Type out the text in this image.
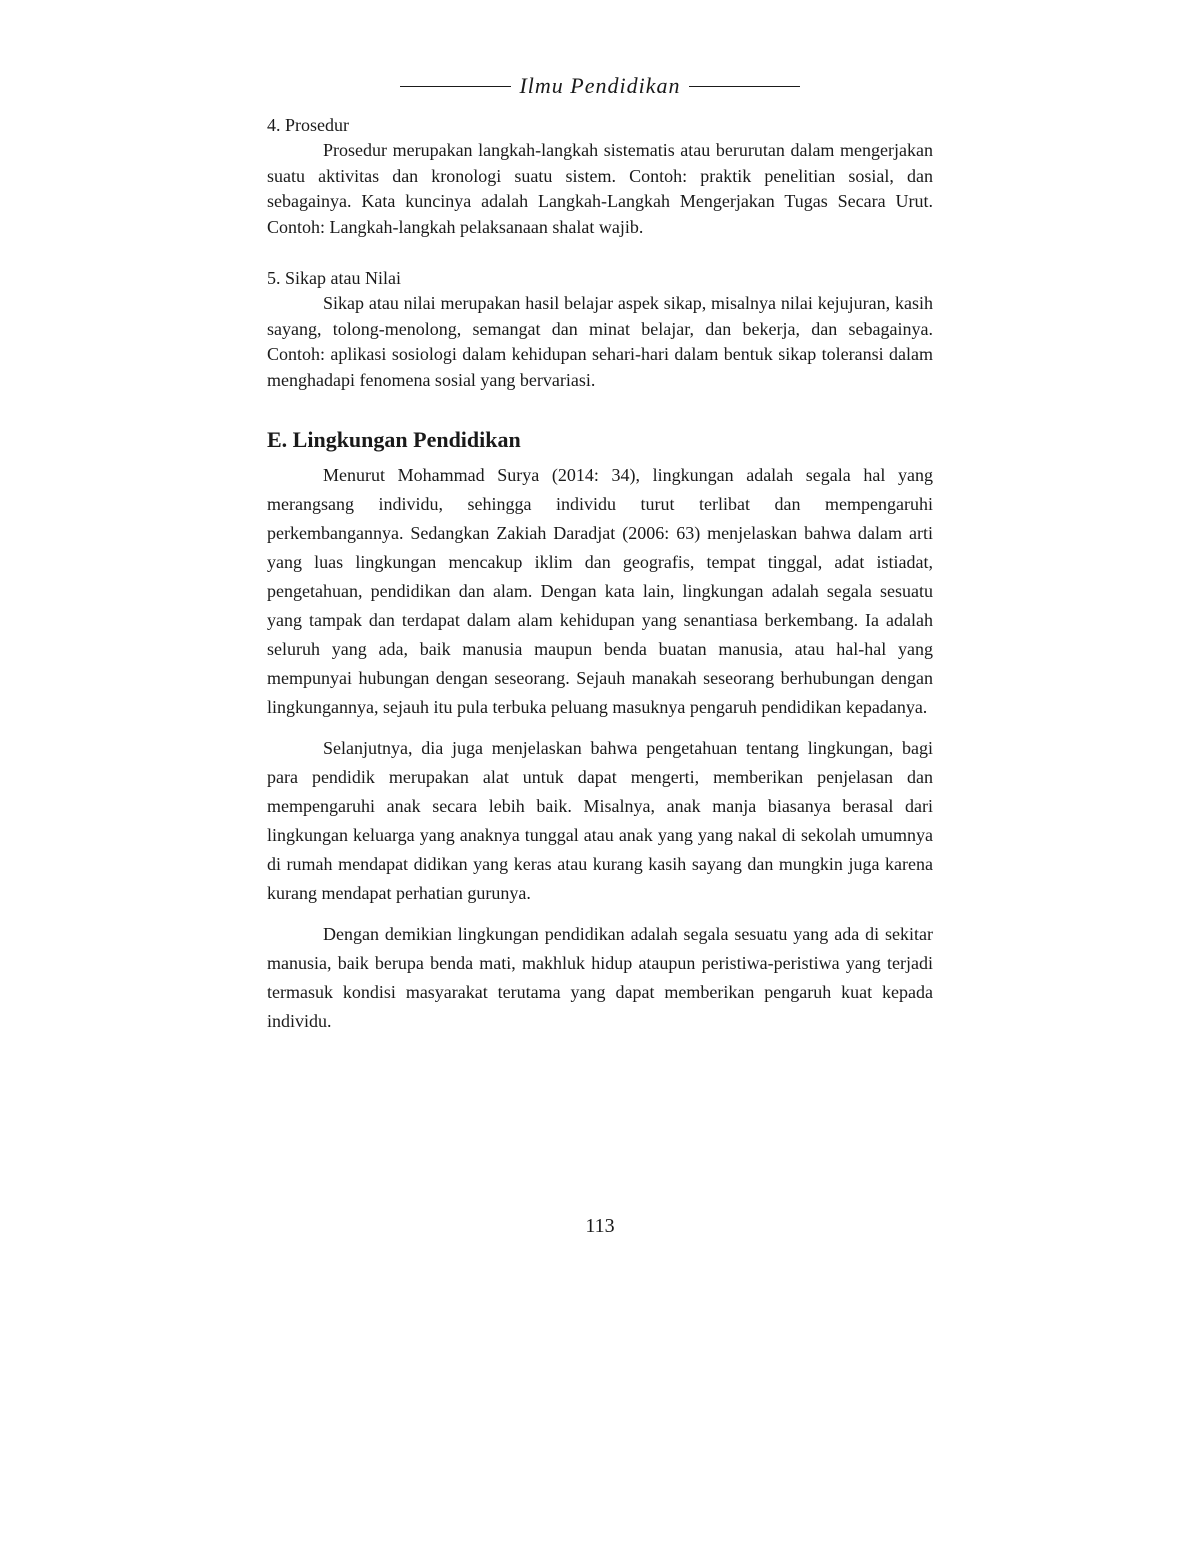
Ilmu Pendidikan

4. Prosedur

Prosedur merupakan langkah-langkah sistematis atau berurutan dalam mengerjakan suatu aktivitas dan kronologi suatu sistem. Contoh: praktik penelitian sosial, dan sebagainya. Kata kuncinya adalah Langkah-Langkah Mengerjakan Tugas Secara Urut. Contoh: Langkah-langkah pelaksanaan shalat wajib.

5. Sikap atau Nilai

Sikap atau nilai merupakan hasil belajar aspek sikap, misalnya nilai kejujuran, kasih sayang, tolong-menolong, semangat dan minat belajar, dan bekerja, dan sebagainya. Contoh: aplikasi sosiologi dalam kehidupan sehari-hari dalam bentuk sikap toleransi dalam menghadapi fenomena sosial yang bervariasi.

E. Lingkungan Pendidikan

Menurut Mohammad Surya (2014: 34), lingkungan adalah segala hal yang merangsang individu, sehingga individu turut terlibat dan mempengaruhi perkembangannya. Sedangkan Zakiah Daradjat (2006: 63) menjelaskan bahwa dalam arti yang luas lingkungan mencakup iklim dan geografis, tempat tinggal, adat istiadat, pengetahuan, pendidikan dan alam. Dengan kata lain, lingkungan adalah segala sesuatu yang tampak dan terdapat dalam alam kehidupan yang senantiasa berkembang. Ia adalah seluruh yang ada, baik manusia maupun benda buatan manusia, atau hal-hal yang mempunyai hubungan dengan seseorang. Sejauh manakah seseorang berhubungan dengan lingkungannya, sejauh itu pula terbuka peluang masuknya pengaruh pendidikan kepadanya.

Selanjutnya, dia juga menjelaskan bahwa pengetahuan tentang lingkungan, bagi para pendidik merupakan alat untuk dapat mengerti, memberikan penjelasan dan mempengaruhi anak secara lebih baik. Misalnya, anak manja biasanya berasal dari lingkungan keluarga yang anaknya tunggal atau anak yang yang nakal di sekolah umumnya di rumah mendapat didikan yang keras atau kurang kasih sayang dan mungkin juga karena kurang mendapat perhatian gurunya.

Dengan demikian lingkungan pendidikan adalah segala sesuatu yang ada di sekitar manusia, baik berupa benda mati, makhluk hidup ataupun peristiwa-peristiwa yang terjadi termasuk kondisi masyarakat terutama yang dapat memberikan pengaruh kuat kepada individu.

113
